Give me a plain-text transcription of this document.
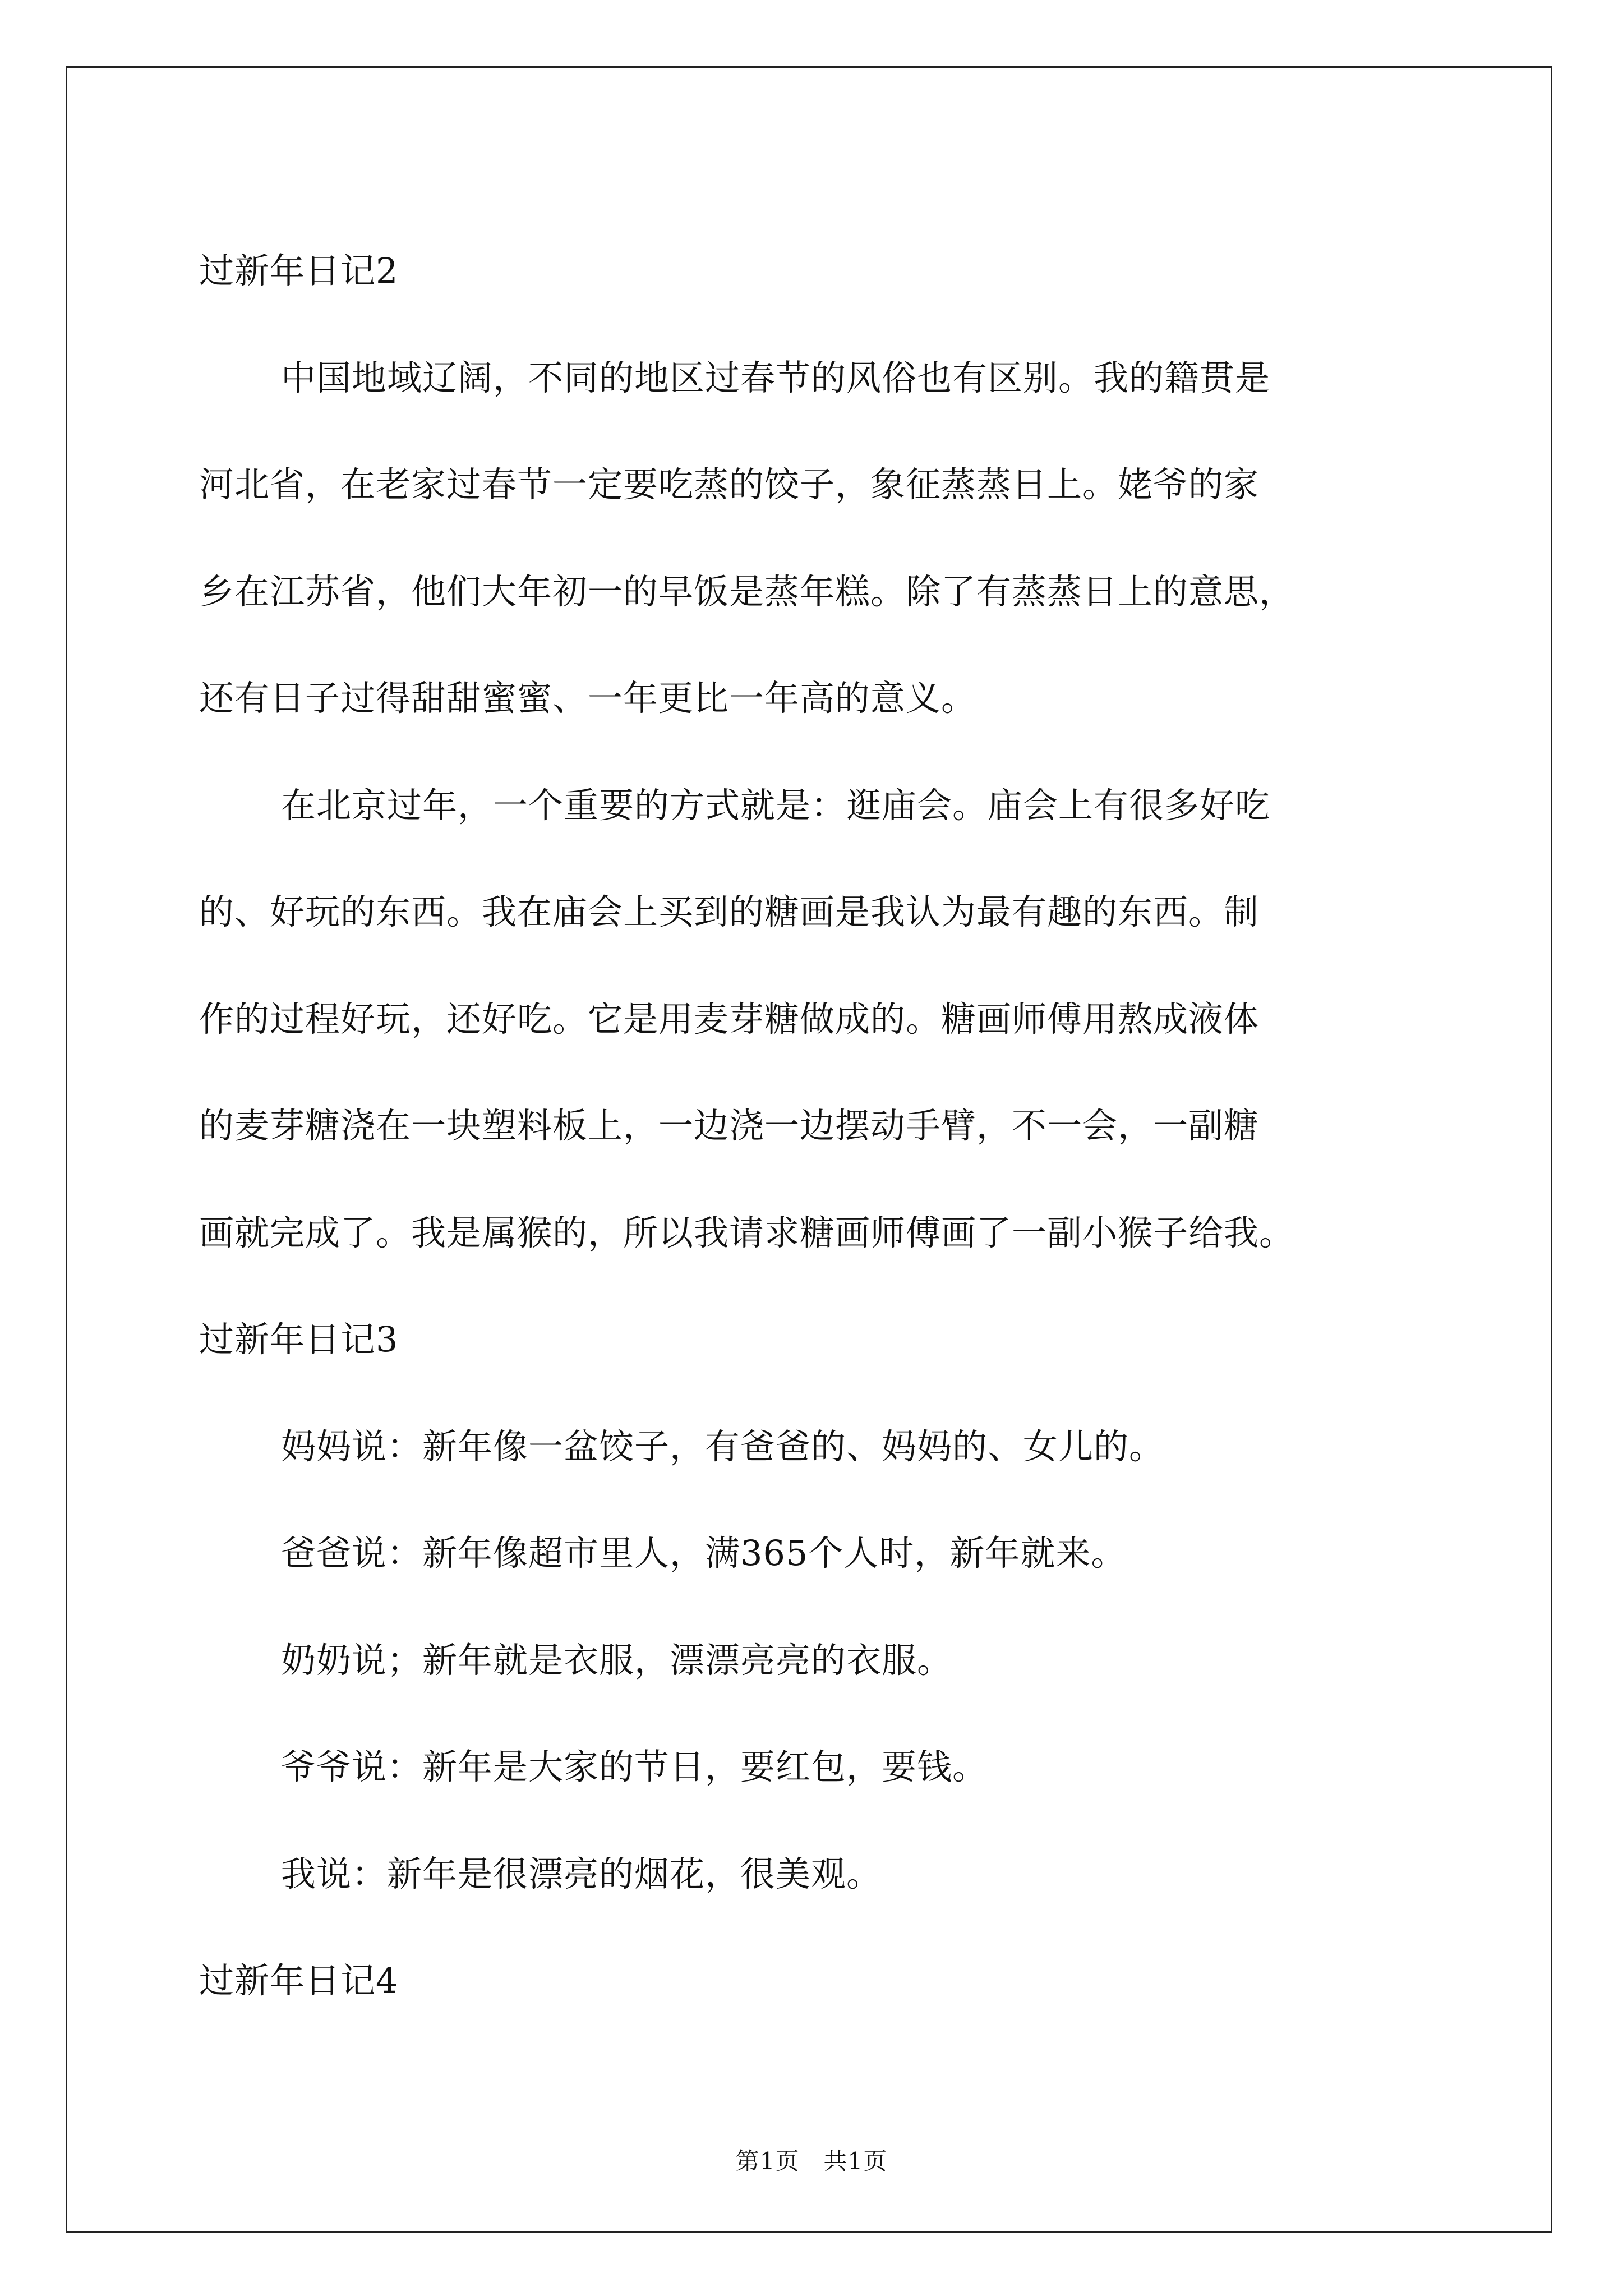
过新年日记2
中国地域辽阔，不同的地区过春节的风俗也有区别。我的籍贯是
河北省，在老家过春节一定要吃蒸的饺子，象征蒸蒸日上。姥爷的家
乡在江苏省，他们大年初一的早饭是蒸年糕。除了有蒸蒸日上的意思，
还有日子过得甜甜蜜蜜、一年更比一年高的意义。
在北京过年，一个重要的方式就是：逛庙会。庙会上有很多好吃
的、好玩的东西。我在庙会上买到的糖画是我认为最有趣的东西。制
作的过程好玩，还好吃。它是用麦芽糖做成的。糖画师傅用熬成液体
的麦芽糖浇在一块塑料板上，一边浇一边摆动手臂，不一会，一副糖
画就完成了。我是属猴的，所以我请求糖画师傅画了一副小猴子给我。
过新年日记3
妈妈说：新年像一盆饺子，有爸爸的、妈妈的、女儿的。
爸爸说：新年像超市里人，满365个人时，新年就来。
奶奶说；新年就是衣服，漂漂亮亮的衣服。
爷爷说：新年是大家的节日，要红包，要钱。
我说：新年是很漂亮的烟花，很美观。
过新年日记4
第1页   共1页
